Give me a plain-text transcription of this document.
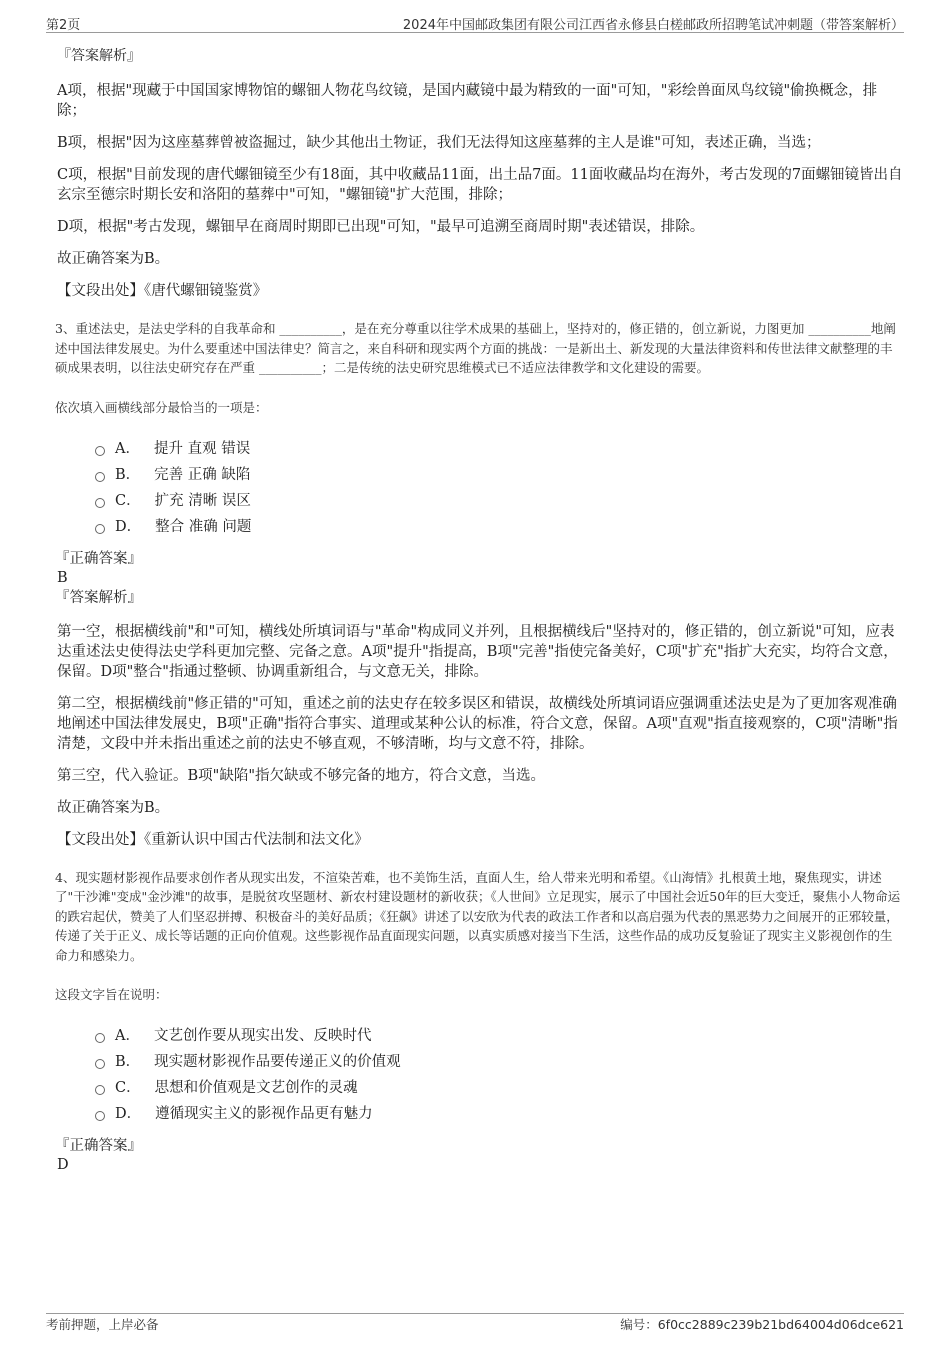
第2页	2024年中国邮政集团有限公司江西省永修县白槎邮政所招聘笔试冲刺题（带答案解析）
『答案解析』

A项，根据"现藏于中国国家博物馆的螺钿人物花鸟纹镜，是国内藏镜中最为精致的一面"可知，"彩绘兽面凤鸟纹镜"偷换概念，排除；

B项，根据"因为这座墓葬曾被盗掘过，缺少其他出土物证，我们无法得知这座墓葬的主人是谁"可知，表述正确，当选；

C项，根据"目前发现的唐代螺钿镜至少有18面，其中收藏品11面，出土品7面。11面收藏品均在海外，考古发现的7面螺钿镜皆出自玄宗至德宗时期长安和洛阳的墓葬中"可知，"螺钿镜"扩大范围，排除；

D项，根据"考古发现，螺钿早在商周时期即已出现"可知，"最早可追溯至商周时期"表述错误，排除。

故正确答案为B。

【文段出处】《唐代螺钿镜鉴赏》

3、重述法史，是法史学科的自我革命和 __________，是在充分尊重以往学术成果的基础上，坚持对的，修正错的，创立新说，力图更加 __________地阐述中国法律发展史。为什么要重述中国法律史？简言之，来自科研和现实两个方面的挑战：一是新出土、新发现的大量法律资料和传世法律文献整理的丰硕成果表明，以往法史研究存在严重 __________；二是传统的法史研究思维模式已不适应法律教学和文化建设的需要。

依次填入画横线部分最恰当的一项是：

A． 提升 直观 错误
B． 完善 正确 缺陷
C． 扩充 清晰 误区
D． 整合 准确 问题

『正确答案』

B

『答案解析』

第一空，根据横线前"和"可知，横线处所填词语与"革命"构成同义并列，且根据横线后"坚持对的，修正错的，创立新说"可知，应表达重述法史使得法史学科更加完整、完备之意。A项"提升"指提高，B项"完善"指使完备美好，C项"扩充"指扩大充实，均符合文意，保留。D项"整合"指通过整顿、协调重新组合，与文意无关，排除。

第二空，根据横线前"修正错的"可知，重述之前的法史存在较多误区和错误，故横线处所填词语应强调重述法史是为了更加客观准确地阐述中国法律发展史，B项"正确"指符合事实、道理或某种公认的标准，符合文意，保留。A项"直观"指直接观察的，C项"清晰"指清楚，文段中并未指出重述之前的法史不够直观，不够清晰，均与文意不符，排除。

第三空，代入验证。B项"缺陷"指欠缺或不够完备的地方，符合文意，当选。

故正确答案为B。

【文段出处】《重新认识中国古代法制和法文化》

4、现实题材影视作品要求创作者从现实出发，不渲染苦难，也不美饰生活，直面人生，给人带来光明和希望。《山海情》扎根黄土地，聚焦现实，讲述了"干沙滩"变成"金沙滩"的故事，是脱贫攻坚题材、新农村建设题材的新收获；《人世间》立足现实，展示了中国社会近50年的巨大变迁，聚焦小人物命运的跌宕起伏，赞美了人们坚忍拼搏、积极奋斗的美好品质；《狂飙》讲述了以安欣为代表的政法工作者和以高启强为代表的黑恶势力之间展开的正邪较量，传递了关于正义、成长等话题的正向价值观。这些影视作品直面现实问题，以真实质感对接当下生活，这些作品的成功反复验证了现实主义影视创作的生命力和感染力。

这段文字旨在说明：

A． 文艺创作要从现实出发、反映时代
B． 现实题材影视作品要传递正义的价值观
C． 思想和价值观是文艺创作的灵魂
D． 遵循现实主义的影视作品更有魅力

『正确答案』

D

考前押题，上岸必备	编号：6f0cc2889c239b21bd64004d06dce621
